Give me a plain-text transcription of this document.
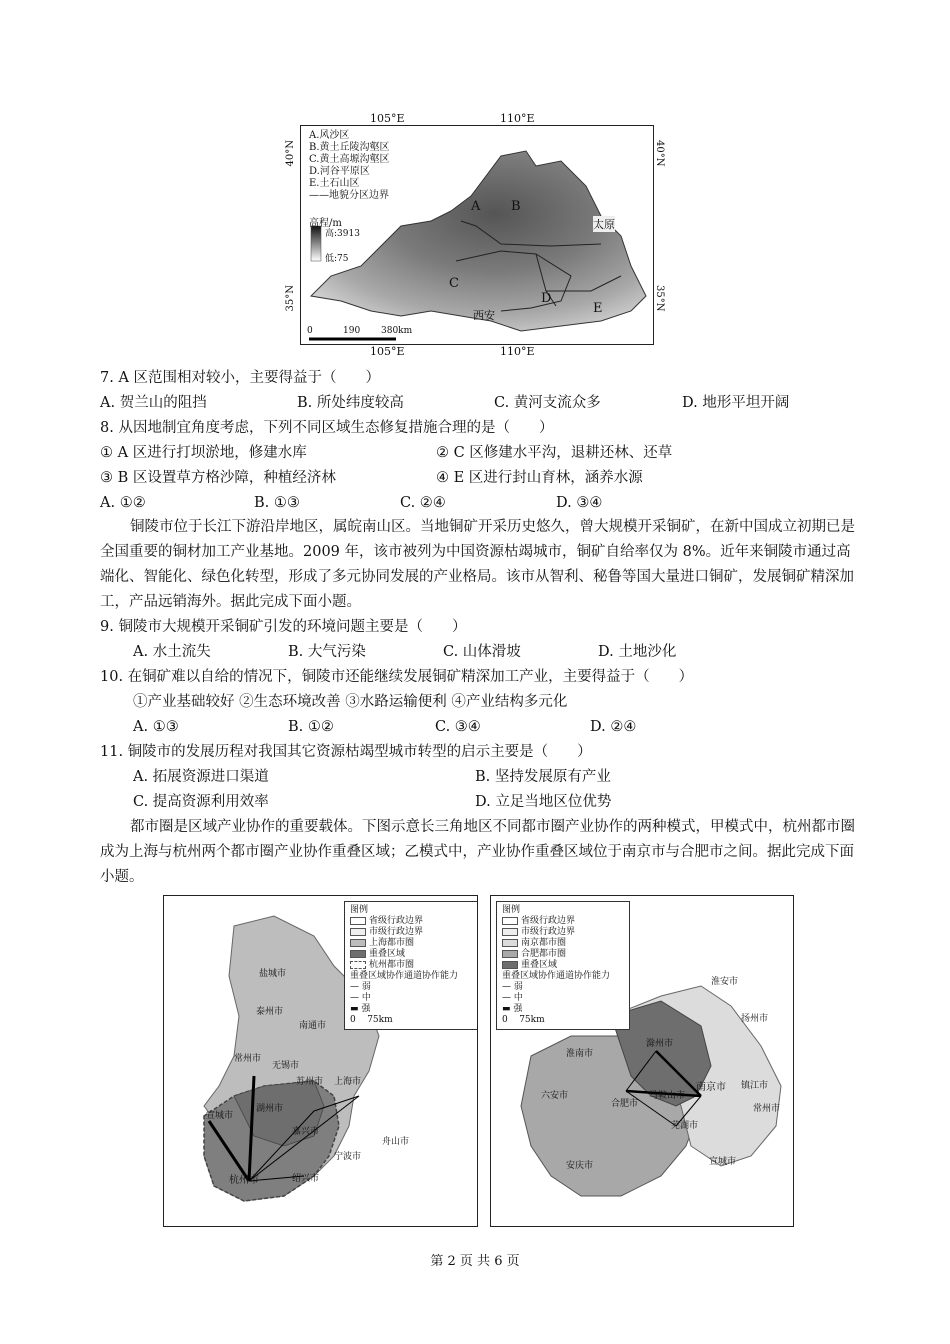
A.风沙区
B.黄土丘陵沟壑区
C.黄土高塬沟壑区
D.河谷平原区
E.土石山区
——地貌分区边界
高程/m
高:3913
低:75
0	190 380km
A B
C
D
E
太原
西安
105°E	110°E
105°E	110°E
40°N	40°N
35°N	35°N
7. A 区范围相对较小，主要得益于（　　）
A. 贺兰山的阻挡	B. 所处纬度较高	C. 黄河支流众多	D. 地形平坦开阔
8. 从因地制宜角度考虑，下列不同区域生态修复措施合理的是（　　）
① A 区进行打坝淤地，修建水库	② C 区修建水平沟，退耕还林、还草
③ B 区设置草方格沙障，种植经济林	④ E 区进行封山育林，涵养水源
A. ①②	B. ①③	C. ②④	D. ③④
铜陵市位于长江下游沿岸地区，属皖南山区。当地铜矿开采历史悠久，曾大规模开采铜矿，在新中国成立初期已是全国重要的铜材加工产业基地。2009 年，该市被列为中国资源枯竭城市，铜矿自给率仅为 8%。近年来铜陵市通过高端化、智能化、绿色化转型，形成了多元协同发展的产业格局。该市从智利、秘鲁等国大量进口铜矿，发展铜矿精深加工，产品远销海外。据此完成下面小题。
9. 铜陵市大规模开采铜矿引发的环境问题主要是（　　）
A. 水土流失	B. 大气污染	C. 山体滑坡	D. 土地沙化
10. 在铜矿难以自给的情况下，铜陵市还能继续发展铜矿精深加工产业，主要得益于（　　）
①产业基础较好 ②生态环境改善 ③水路运输便利 ④产业结构多元化
A. ①③	B. ①②	C. ③④	D. ②④
11. 铜陵市的发展历程对我国其它资源枯竭型城市转型的启示主要是（　　）
A. 拓展资源进口渠道	B. 坚持发展原有产业
C. 提高资源利用效率	D. 立足当地区位优势
都市圈是区域产业协作的重要载体。下图示意长三角地区不同都市圈产业协作的两种模式，甲模式中，杭州都市圈成为上海与杭州两个都市圈产业协作重叠区域；乙模式中，产业协作重叠区域位于南京市与合肥市之间。据此完成下面小题。
图例
省级行政边界
市级行政边界
上海都市圈
重叠区域
杭州都市圈
重叠区域协作通道协作能力
— 弱
— 中
▬ 强
0 75km
盐城市
泰州市
南通市
常州市
无锡市
苏州市 上海市
宣城市
湖州市
嘉兴市
舟山市
宁波市
杭州市	绍兴市
图例
省级行政边界
市级行政边界
南京都市圈
合肥都市圈
重叠区域
重叠区域协作通道协作能力
— 弱
— 中
▬ 强
0 75km
淮安市
扬州市
滁州市
淮南市
南京市 镇江市
六安市
合肥市
马鞍山市
常州市
芜湖市
安庆市	宣城市
第 2 页 共 6 页
